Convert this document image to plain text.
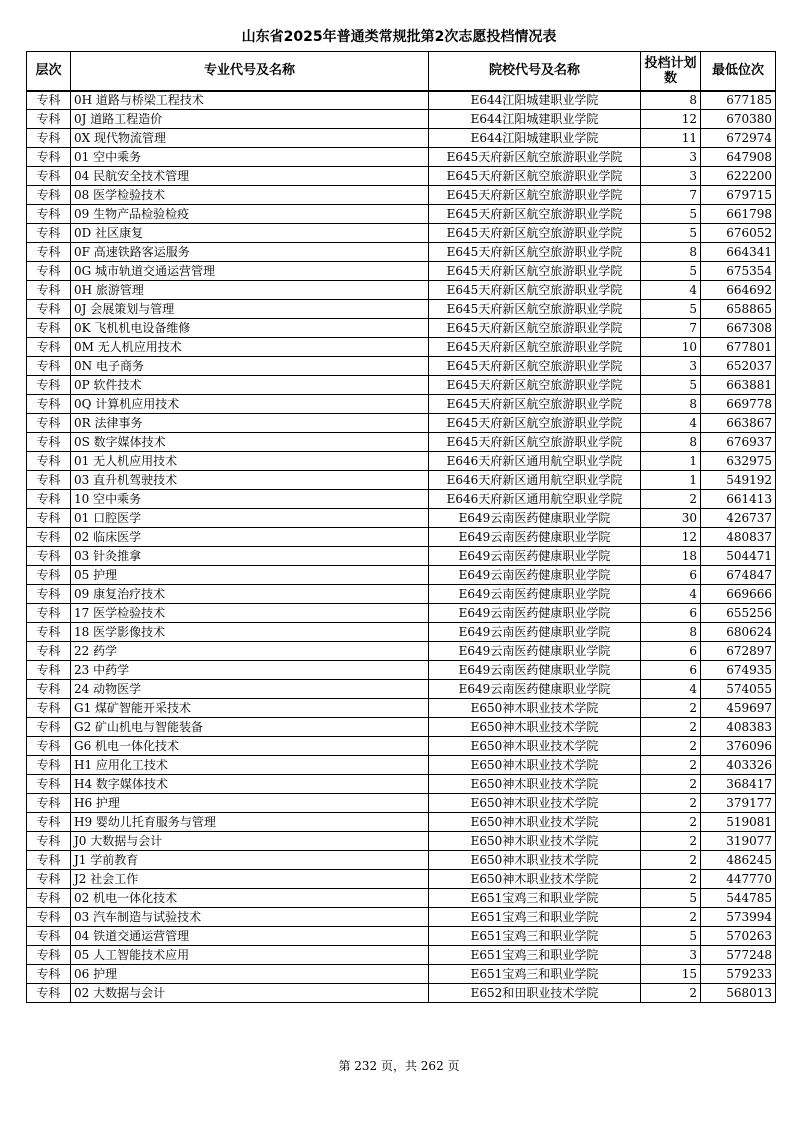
山东省2025年普通类常规批第2次志愿投档情况表
层次	专业代号及名称	院校代号及名称	投档计划数	最低位次
专科	0H 道路与桥梁工程技术	E644江阳城建职业学院	8	677185
专科	0J 道路工程造价	E644江阳城建职业学院	12	670380
专科	0X 现代物流管理	E644江阳城建职业学院	11	672974
专科	01 空中乘务	E645天府新区航空旅游职业学院	3	647908
专科	04 民航安全技术管理	E645天府新区航空旅游职业学院	3	622200
专科	08 医学检验技术	E645天府新区航空旅游职业学院	7	679715
专科	09 生物产品检验检疫	E645天府新区航空旅游职业学院	5	661798
专科	0D 社区康复	E645天府新区航空旅游职业学院	5	676052
专科	0F 高速铁路客运服务	E645天府新区航空旅游职业学院	8	664341
专科	0G 城市轨道交通运营管理	E645天府新区航空旅游职业学院	5	675354
专科	0H 旅游管理	E645天府新区航空旅游职业学院	4	664692
专科	0J 会展策划与管理	E645天府新区航空旅游职业学院	5	658865
专科	0K 飞机机电设备维修	E645天府新区航空旅游职业学院	7	667308
专科	0M 无人机应用技术	E645天府新区航空旅游职业学院	10	677801
专科	0N 电子商务	E645天府新区航空旅游职业学院	3	652037
专科	0P 软件技术	E645天府新区航空旅游职业学院	5	663881
专科	0Q 计算机应用技术	E645天府新区航空旅游职业学院	8	669778
专科	0R 法律事务	E645天府新区航空旅游职业学院	4	663867
专科	0S 数字媒体技术	E645天府新区航空旅游职业学院	8	676937
专科	01 无人机应用技术	E646天府新区通用航空职业学院	1	632975
专科	03 直升机驾驶技术	E646天府新区通用航空职业学院	1	549192
专科	10 空中乘务	E646天府新区通用航空职业学院	2	661413
专科	01 口腔医学	E649云南医药健康职业学院	30	426737
专科	02 临床医学	E649云南医药健康职业学院	12	480837
专科	03 针灸推拿	E649云南医药健康职业学院	18	504471
专科	05 护理	E649云南医药健康职业学院	6	674847
专科	09 康复治疗技术	E649云南医药健康职业学院	4	669666
专科	17 医学检验技术	E649云南医药健康职业学院	6	655256
专科	18 医学影像技术	E649云南医药健康职业学院	8	680624
专科	22 药学	E649云南医药健康职业学院	6	672897
专科	23 中药学	E649云南医药健康职业学院	6	674935
专科	24 动物医学	E649云南医药健康职业学院	4	574055
专科	G1 煤矿智能开采技术	E650神木职业技术学院	2	459697
专科	G2 矿山机电与智能装备	E650神木职业技术学院	2	408383
专科	G6 机电一体化技术	E650神木职业技术学院	2	376096
专科	H1 应用化工技术	E650神木职业技术学院	2	403326
专科	H4 数字媒体技术	E650神木职业技术学院	2	368417
专科	H6 护理	E650神木职业技术学院	2	379177
专科	H9 婴幼儿托育服务与管理	E650神木职业技术学院	2	519081
专科	J0 大数据与会计	E650神木职业技术学院	2	319077
专科	J1 学前教育	E650神木职业技术学院	2	486245
专科	J2 社会工作	E650神木职业技术学院	2	447770
专科	02 机电一体化技术	E651宝鸡三和职业学院	5	544785
专科	03 汽车制造与试验技术	E651宝鸡三和职业学院	2	573994
专科	04 铁道交通运营管理	E651宝鸡三和职业学院	5	570263
专科	05 人工智能技术应用	E651宝鸡三和职业学院	3	577248
专科	06 护理	E651宝鸡三和职业学院	15	579233
专科	02 大数据与会计	E652和田职业技术学院	2	568013
第 232 页，共 262 页
